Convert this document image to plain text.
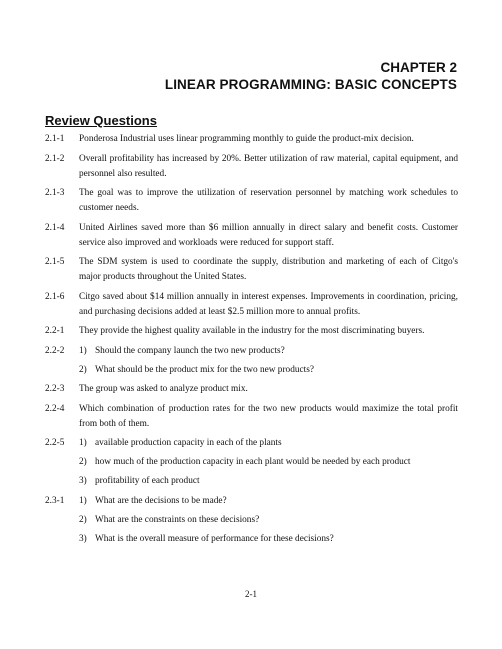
CHAPTER 2
LINEAR PROGRAMMING: BASIC CONCEPTS
Review Questions
2.1-1	Ponderosa Industrial uses linear programming monthly to guide the product-mix decision.
2.1-2	Overall profitability has increased by 20%. Better utilization of raw material, capital equipment, and personnel also resulted.
2.1-3	The goal was to improve the utilization of reservation personnel by matching work schedules to customer needs.
2.1-4	United Airlines saved more than $6 million annually in direct salary and benefit costs. Customer service also improved and workloads were reduced for support staff.
2.1-5	The SDM system is used to coordinate the supply, distribution and marketing of each of Citgo's major products throughout the United States.
2.1-6	Citgo saved about $14 million annually in interest expenses. Improvements in coordination, pricing, and purchasing decisions added at least $2.5 million more to annual profits.
2.2-1	They provide the highest quality available in the industry for the most discriminating buyers.
2.2-2	1) Should the company launch the two new products?
2) What should be the product mix for the two new products?
2.2-3	The group was asked to analyze product mix.
2.2-4	Which combination of production rates for the two new products would maximize the total profit from both of them.
2.2-5	1) available production capacity in each of the plants
2) how much of the production capacity in each plant would be needed by each product
3) profitability of each product
2.3-1	1) What are the decisions to be made?
2) What are the constraints on these decisions?
3) What is the overall measure of performance for these decisions?
2-1
